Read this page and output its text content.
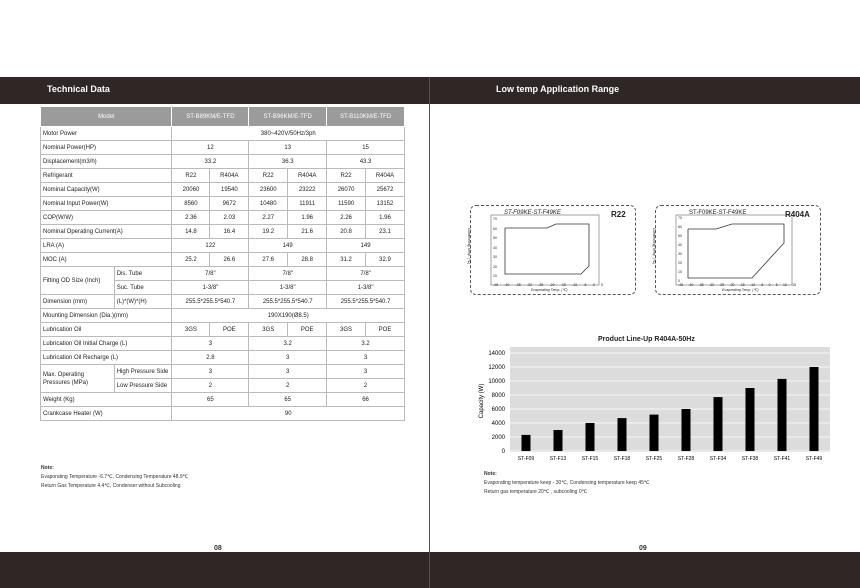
Technical Data	Low temp Application Range
08	09
Model		ST-B89KM/E-TFD		ST-B96KM/E-TFD		ST-B110KM/E-TFD	
Motor Power		380~420V/50Hz/3ph					
Nominal Power(HP)		12		13		15	
Displacement(m3/h)		33.2		36.3		43.3	
Refrigerant		R22	R404A	R22	R404A	R22	R404A
Nominal Capacity(W)		20060	19540	23600	23222	26070	25672
Nominal Input Power(W)		8560	9672	10480	11911	11590	13152
COP(W/W)		2.36	2.03	2.27	1.96	2.26	1.96
Nominal Operating Current(A)		14.8	16.4	19.2	21.6	20.8	23.1
LRA (A)		122		149		149	
MOC (A)		25.2	26.6	27.6	28.8	31.2	32.9
Fitting OD Size (Inch)	Dis. Tube	7/8"		7/8"		7/8"	
	Suc. Tube	1-3/8"		1-3/8"		1-3/8"	
Dimension (mm)	(L)*(W)*(H)	255.5*255.5*540.7		255.5*255.5*540.7		255.5*255.5*540.7	
Mounting Dimension (Dia.)(mm)		190X190(Ø8.5)					
Lubrication Oil		3GS	POE	3GS	POE	3GS	POE
Lubrication Oil Initial Charge (L)		3		3.2		3.2	
Lubrication Oil Recharge (L)		2.8		3		3	
Max. Operating Pressures (MPa)	High Pressure Side	3		3		3	
	Low Pressure Side	2		2		2	
Weight (Kg)		65		65		66	
Crankcase Heater (W)		90					
Note:
Evaporating Temperature -6.7℃, Condensing Temperature 48.9℃
Return Gas Temperature 4.4℃, Condenser without Subcooling
ST-F09KE-ST-F49KE	R22
Condensing Temp. (℃)
70
60
50
40
30
20
10
-45 -40 -35 -30 -25 -20 -15 -10 -5 0 5
Evaporating Temp. (℃)
ST-F09KE-ST-F49KE	R404A
Condensing Temp. (℃)
70
60
50
40
30
20
10
0
-45 -40 -35 -30 -25 -20 -15 -10 -5 0 5 10 15
Evaporating Temp. (℃)
Product Line-Up R404A-50Hz
0
2000
4000
6000
8000
10000
12000
14000
ST-F09	ST-F13	ST-F15	ST-F18	ST-F25	ST-F28	ST-F34	ST-F38	ST-F41	ST-F49
Capacity (W)
Note:
Evaporating temperature keep - 30℃, Condensing temperature keep 45℃
Return gas temperature 20℃ , subcooling 0℃
